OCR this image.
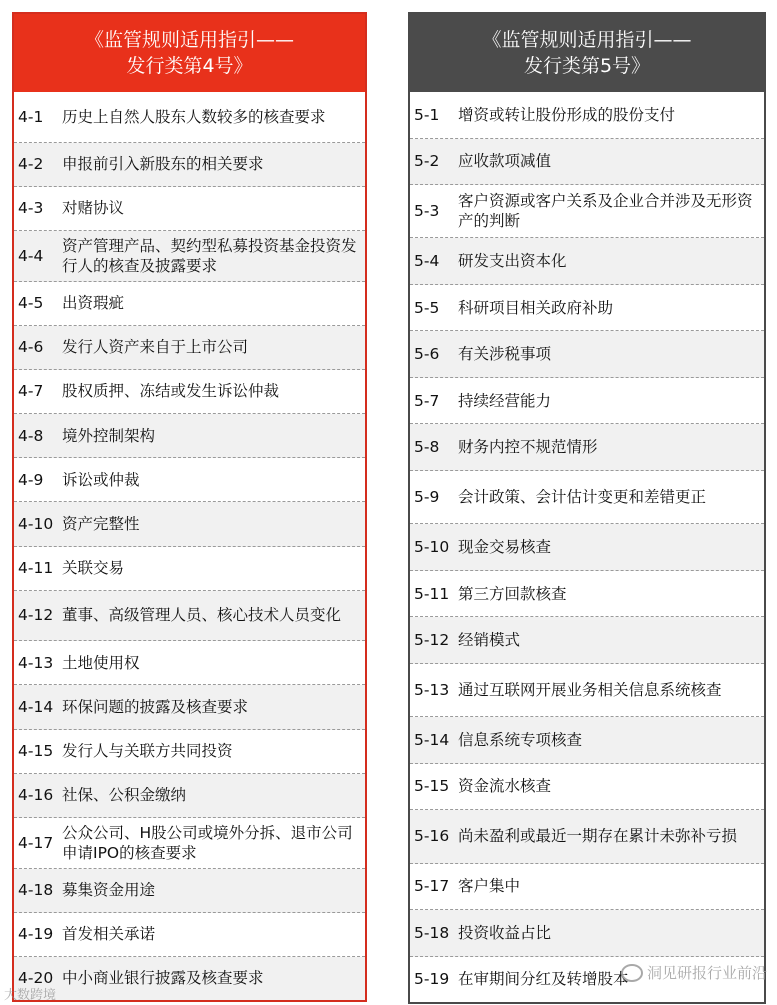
《监管规则适用指引——
发行类第4号》
4-1	历史上自然人股东人数较多的核查要求
4-2	申报前引入新股东的相关要求
4-3	对赌协议
4-4
资产管理产品、契约型私募投资基金投资发行人的核查及披露要求
4-5	出资瑕疵
4-6	发行人资产来自于上市公司
4-7	股权质押、冻结或发生诉讼仲裁
4-8	境外控制架构
4-9	诉讼或仲裁
4-10 资产完整性
4-11 关联交易
4-12 董事、高级管理人员、核心技术人员变化
4-13 土地使用权
4-14 环保问题的披露及核查要求
4-15 发行人与关联方共同投资
4-16 社保、公积金缴纳
4-17
公众公司、H股公司或境外分拆、退市公司申请IPO的核查要求
4-18 募集资金用途
4-19 首发相关承诺
4-20 中小商业银行披露及核查要求
《监管规则适用指引——
发行类第5号》
5-1	增资或转让股份形成的股份支付
5-2	应收款项减值
5-3
客户资源或客户关系及企业合并涉及无形资产的判断
5-4	研发支出资本化
5-5	科研项目相关政府补助
5-6	有关涉税事项
5-7	持续经营能力
5-8	财务内控不规范情形
5-9	会计政策、会计估计变更和差错更正
5-10 现金交易核查
5-11 第三方回款核查
5-12 经销模式
5-13 通过互联网开展业务相关信息系统核查
5-14 信息系统专项核查
5-15 资金流水核查
5-16 尚未盈利或最近一期存在累计未弥补亏损
5-17 客户集中
5-18 投资收益占比
5-19 在审期间分红及转增股本
大数跨境
洞见研报行业前沿
